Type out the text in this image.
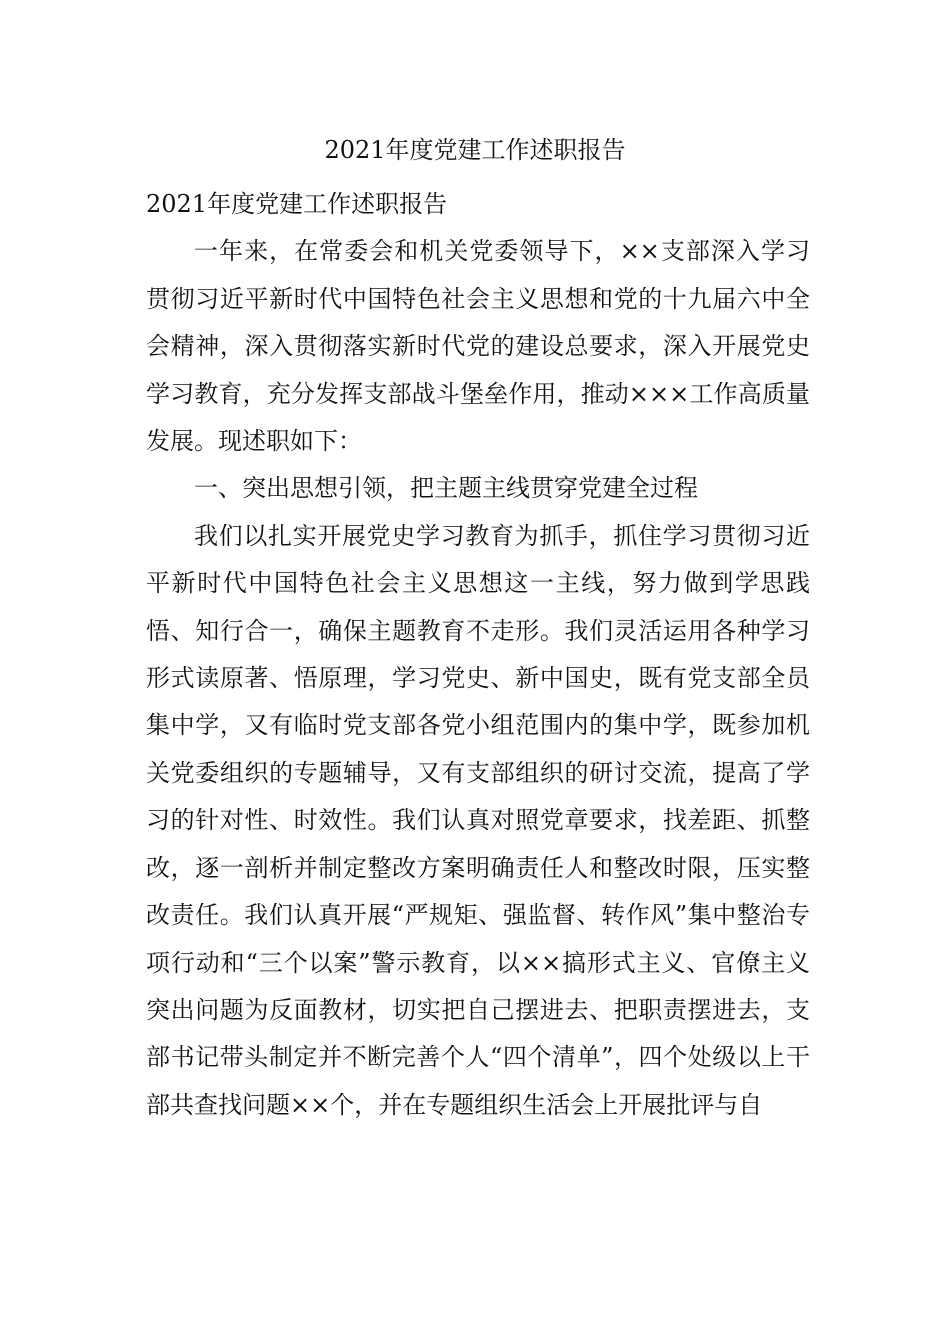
2021年度党建工作述职报告

2021年度党建工作述职报告

一年来，在常委会和机关党委领导下，××支部深入学习贯彻习近平新时代中国特色社会主义思想和党的十九届六中全会精神，深入贯彻落实新时代党的建设总要求，深入开展党史学习教育，充分发挥支部战斗堡垒作用，推动×××工作高质量发展。现述职如下：

一、突出思想引领，把主题主线贯穿党建全过程

我们以扎实开展党史学习教育为抓手，抓住学习贯彻习近平新时代中国特色社会主义思想这一主线，努力做到学思践悟、知行合一，确保主题教育不走形。我们灵活运用各种学习形式读原著、悟原理，学习党史、新中国史，既有党支部全员集中学，又有临时党支部各党小组范围内的集中学，既参加机关党委组织的专题辅导，又有支部组织的研讨交流，提高了学习的针对性、时效性。我们认真对照党章要求，找差距、抓整改，逐一剖析并制定整改方案明确责任人和整改时限，压实整改责任。我们认真开展“严规矩、强监督、转作风”集中整治专项行动和“三个以案”警示教育，以××搞形式主义、官僚主义突出问题为反面教材，切实把自己摆进去、把职责摆进去，支部书记带头制定并不断完善个人“四个清单”，四个处级以上干部共查找问题××个，并在专题组织生活会上开展批评与自
